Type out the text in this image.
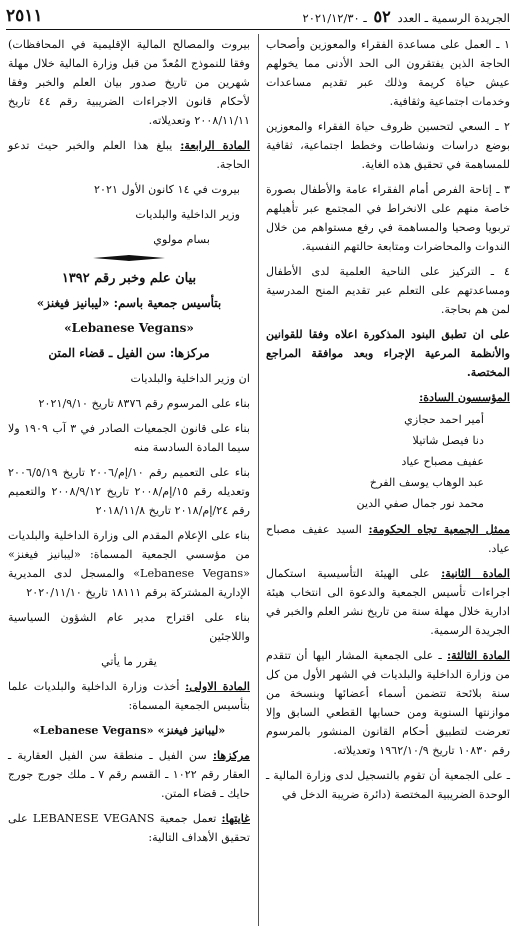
الجريدة الرسمية ـ العدد ٥٢ ـ ٢٠٢١/١٢/٣٠
٢٥١١

١ ـ العمل على مساعدة الفقراء والمعوزين وأصحاب الحاجة الذين يفتقرون الى الحد الأدنى مما يخولهم عيش حياة كريمة وذلك عبر تقديم مساعدات وخدمات اجتماعية وثقافية.

٢ ـ السعي لتحسين ظروف حياة الفقراء والمعوزين بوضع دراسات ونشاطات وخطط اجتماعية، ثقافية للمساهمة في تحقيق هذه الغاية.

٣ ـ إتاحة الفرص أمام الفقراء عامة والأطفال بصورة خاصة منهم على الانخراط في المجتمع عبر تأهيلهم تربويا وصحيا والمساهمة في رفع مستواهم من خلال الندوات والمحاضرات ومتابعة حالتهم النفسية.

٤ ـ التركيز على الناحية العلمية لدى الأطفال ومساعدتهم على التعلم عبر تقديم المنح المدرسية لمن هم بحاجة.

على ان تطبق البنود المذكورة اعلاه وفقا للقوانين والأنظمة المرعية الإجراء وبعد موافقة المراجع المختصة.

المؤسسون السادة:

أمير احمد حجازي
دنا فيصل شاتيلا
عفيف مصباح عياد
عبد الوهاب يوسف الفرخ
محمد نور جمال صفي الدين

ممثل الجمعية تجاه الحكومة: السيد عفيف مصباح عياد.

المادة الثانية: على الهيئة التأسيسية استكمال اجراءات تأسيس الجمعية والدعوة الى انتخاب هيئة ادارية خلال مهلة سنة من تاريخ نشر العلم والخبر في الجريدة الرسمية.

المادة الثالثة: ـ على الجمعية المشار اليها أن تتقدم من وزارة الداخلية والبلديات في الشهر الأول من كل سنة بلائحة تتضمن أسماء أعضائها وبنسخة من موازنتها السنوية ومن حسابها القطعي السابق وإلا تعرضت لتطبيق أحكام القانون المنشور بالمرسوم رقم ١٠٨٣٠ تاريخ ١٩٦٢/١٠/٩ وتعديلاته.

ـ على الجمعية أن تقوم بالتسجيل لدى وزارة المالية ـ الوحدة الضريبية المختصة (دائرة ضريبة الدخل في

بيروت والمصالح المالية الإقليمية في المحافظات) وفقا للنموذج المُعدّ من قبل وزارة المالية خلال مهلة شهرين من تاريخ صدور بيان العلم والخبر وفقا لأحكام قانون الاجراءات الضريبية رقم ٤٤ تاريخ ٢٠٠٨/١١/١١ وتعديلاته.

المادة الرابعة: يبلغ هذا العلم والخبر حيث تدعو الحاجة.

بيروت في ١٤ كانون الأول ٢٠٢١

وزير الداخلية والبلديات

بسام مولوي

بيان علم وخبر رقم ١٣٩٢

بتأسيس جمعية باسم: «ليبانيز فيغنز»

«Lebanese Vegans»

مركزها: سن الفيل ـ قضاء المتن

ان وزير الداخلية والبلديات

بناء على المرسوم رقم ٨٣٧٦ تاريخ ٢٠٢١/٩/١٠

بناء على قانون الجمعيات الصادر في ٣ آب ١٩٠٩ ولا سيما المادة السادسة منه

بناء على التعميم رقم ١٠/إم/٢٠٠٦ تاريخ ٢٠٠٦/٥/١٩ وتعديله رقم ١٥/إم/٢٠٠٨ تاريخ ٢٠٠٨/٩/١٢ والتعميم رقم ٢٤/إم/٢٠١٨ تاريخ ٢٠١٨/١١/٨

بناء على الإعلام المقدم الى وزارة الداخلية والبلديات من مؤسسي الجمعية المسماة: «ليبانيز فيغنز» «Lebanese Vegans» والمسجل لدى المديرية الإدارية المشتركة برقم ١٨١١١ تاريخ ٢٠٢٠/١١/١٠

بناء على اقتراح مدير عام الشؤون السياسية واللاجئين

يقرر ما يأتي

المادة الاولى: أخذت وزارة الداخلية والبلديات علما بتأسيس الجمعية المسماة:

«ليبانيز فيغنز» «Lebanese Vegans»

مركزها: سن الفيل ـ منطقة سن الفيل العقارية ـ العقار رقم ١٠٢٢ ـ القسم رقم ٧ ـ ملك جورج جورج حايك ـ قضاء المتن.

غايتها: تعمل جمعية LEBANESE VEGANS على تحقيق الأهداف التالية:
